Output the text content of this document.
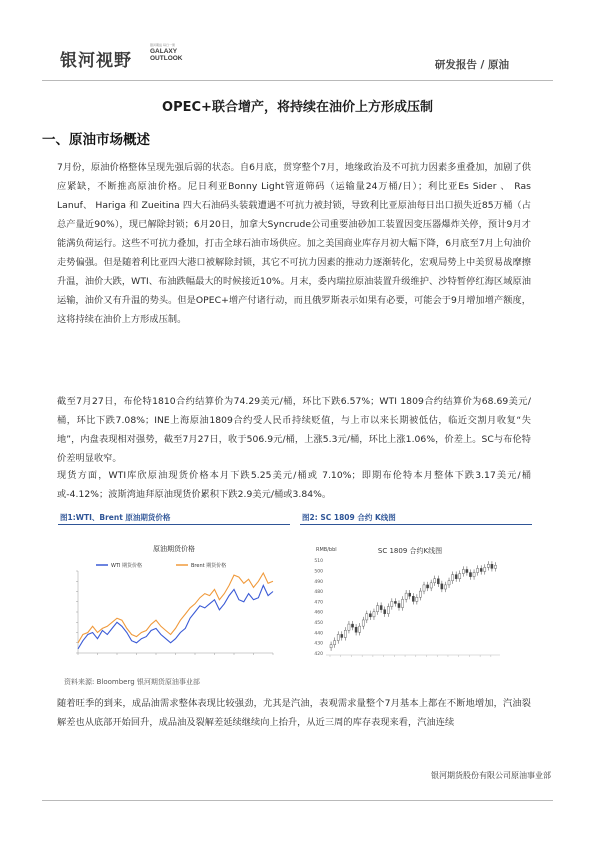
银河期货 每日一策
银河视野	GALAXY
OUTLOOK
研发报告 / 原油
OPEC+联合增产，将持续在油价上方形成压制
一、原油市场概述

7月份，原油价格整体呈现先强后弱的状态。自6月底，贯穿整个7月，地缘政治及不可抗力因素多重叠加，加剧了供应紧缺，不断推高原油价格。尼日利亚Bonny Light管道筛码（运输量24万桶/日）；利比亚Es Sider 、 Ras Lanuf、 Hariga 和 Zueitina 四大石油码头装载遭遇不可抗力被封锁，导致利比亚原油每日出口损失近85万桶（占总产量近90%），现已解除封锁；6月20日，加拿大Syncrude公司重要油砂加工装置因变压器爆炸关停，预计9月才能满负荷运行。这些不可抗力叠加，打击全球石油市场供应。加之美国商业库存月初大幅下降，6月底至7月上旬油价走势偏强。但是随着利比亚四大港口被解除封锁，其它不可抗力因素的推动力逐渐转化，宏观局势上中美贸易战摩擦升温，油价大跌，WTI、布油跌幅最大的时候接近10%。月末，委内瑞拉原油装置升级维护、沙特暂停红海区域原油运输，油价又有升温的势头。但是OPEC+增产付诸行动，而且俄罗斯表示如果有必要，可能会于9月增加增产额度，这将持续在油价上方形成压制。

截至7月27日，布伦特1810合约结算价为74.29美元/桶，环比下跌6.57%；WTI 1809合约结算价为68.69美元/桶，环比下跌7.08%；INE上海原油1809合约受人民币持续贬值，与上市以来长期被低估，临近交割月收复“失地”，内盘表现相对强势，截至7月27日，收于506.9元/桶，上涨5.3元/桶，环比上涨1.06%，价差上。SC与布伦特价差明显收窄。

现货方面，WTI库欣原油现货价格本月下跌5.25美元/桶或 7.10%；即期布伦特本月整体下跌3.17美元/桶或-4.12%；波斯湾迪拜原油现货价累积下跌2.9美元/桶或3.84%。

图1:WTI、Brent 原油期货价格	图2: SC 1809 合约 K线图
原油期货价格
WTI 期货价格	Brent 期货价格
RMB/bbl	SC 1809 合约K线图
420
430
440
450
460
470
480
490
500
510
资料来源: Bloomberg 银河期货原油事业部

随着旺季的到来，成品油需求整体表现比较强劲，尤其是汽油，表观需求量整个7月基本上都在不断地增加，汽油裂解差也从底部开始回升，成品油及裂解差延续继续向上抬升，从近三周的库存表现来看，汽油连续

银河期货股份有限公司原油事业部
